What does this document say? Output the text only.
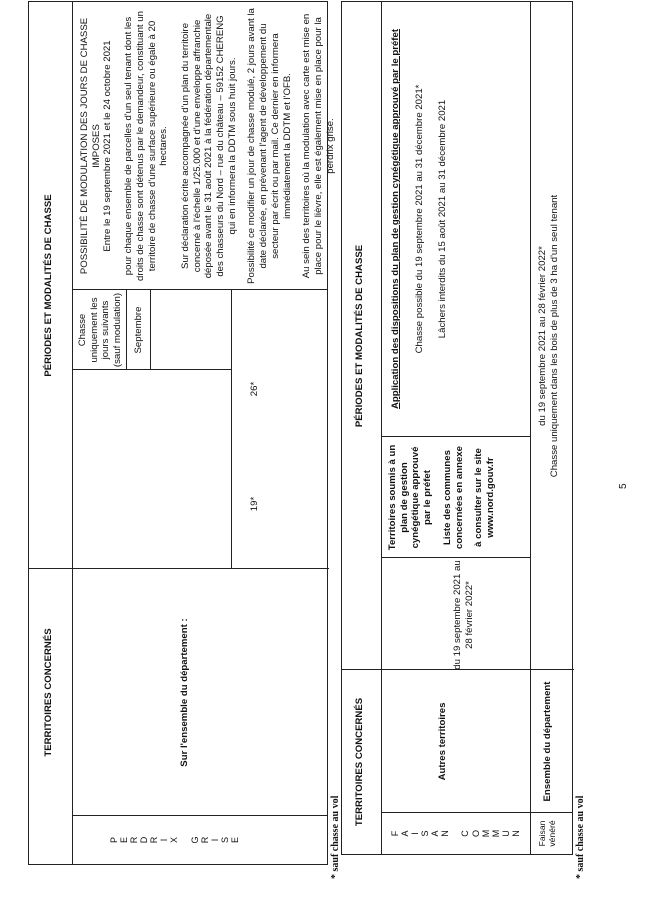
TERRITOIRES CONCERNÉS
PÉRIODES ET MODALITÉS DE CHASSE
P E R D R I X G R I S E
Sur l'ensemble du département :
19*
26*
Septembre
Chasse uniquement les jours suivants (sauf modulation)
POSSIBILITÉ DE MODULATION DES JOURS DE CHASSE IMPOSES Entre le 19 septembre 2021 et le 24 octobre 2021 pour chaque ensemble de parcelles d'un seul tenant dont les droits de chasse sont détenus par le demandeur, constituant un territoire de chasse d'une surface supérieure ou égale à 20 hectares. Sur déclaration écrite accompagnée d'un plan du territoire concerné à l'échelle 1/25.000 et d'une enveloppe affranchie déposée avant le 31 août 2021 à la fédération départementale des chasseurs du Nord – rue du château – 59152 CHERENG qui en informera la DDTM sous huit jours. Possibilité ce modifier un jour de chasse modulé, 2 jours avant la date déclarée, en prévenant l'agent de développement du secteur par écrit ou par mail. Ce dernier en informera immédiatement la DDTM et l'OFB. Au sein des territoires où la modulation avec carte est mise en place pour le lièvre, elle est également mise en place pour la perdrix grise.
* sauf chasse au vol
TERRITOIRES CONCERNÉS
PÉRIODES ET MODALITÉS DE CHASSE
F A I S A N C O M M U N
Autres territoires
du 19 septembre 2021 au 28 février 2022*
Territoires soumis à un plan de gestion cynégétique approuvé par le préfet Liste des communes concernées en annexe à consulter sur le site www.nord.gouv.fr
Application des dispositions du plan de gestion cynégétique approuvé par le préfet Chasse possible du 19 septembre 2021 au 31 décembre 2021* Lâchers interdits du 15 août 2021 au 31 décembre 2021
Faisan vénéré
Ensemble du département
du 19 septembre 2021 au 28 février 2022* Chasse uniquement dans les bois de plus de 3 ha d'un seul tenant
* sauf chasse au vol
5
